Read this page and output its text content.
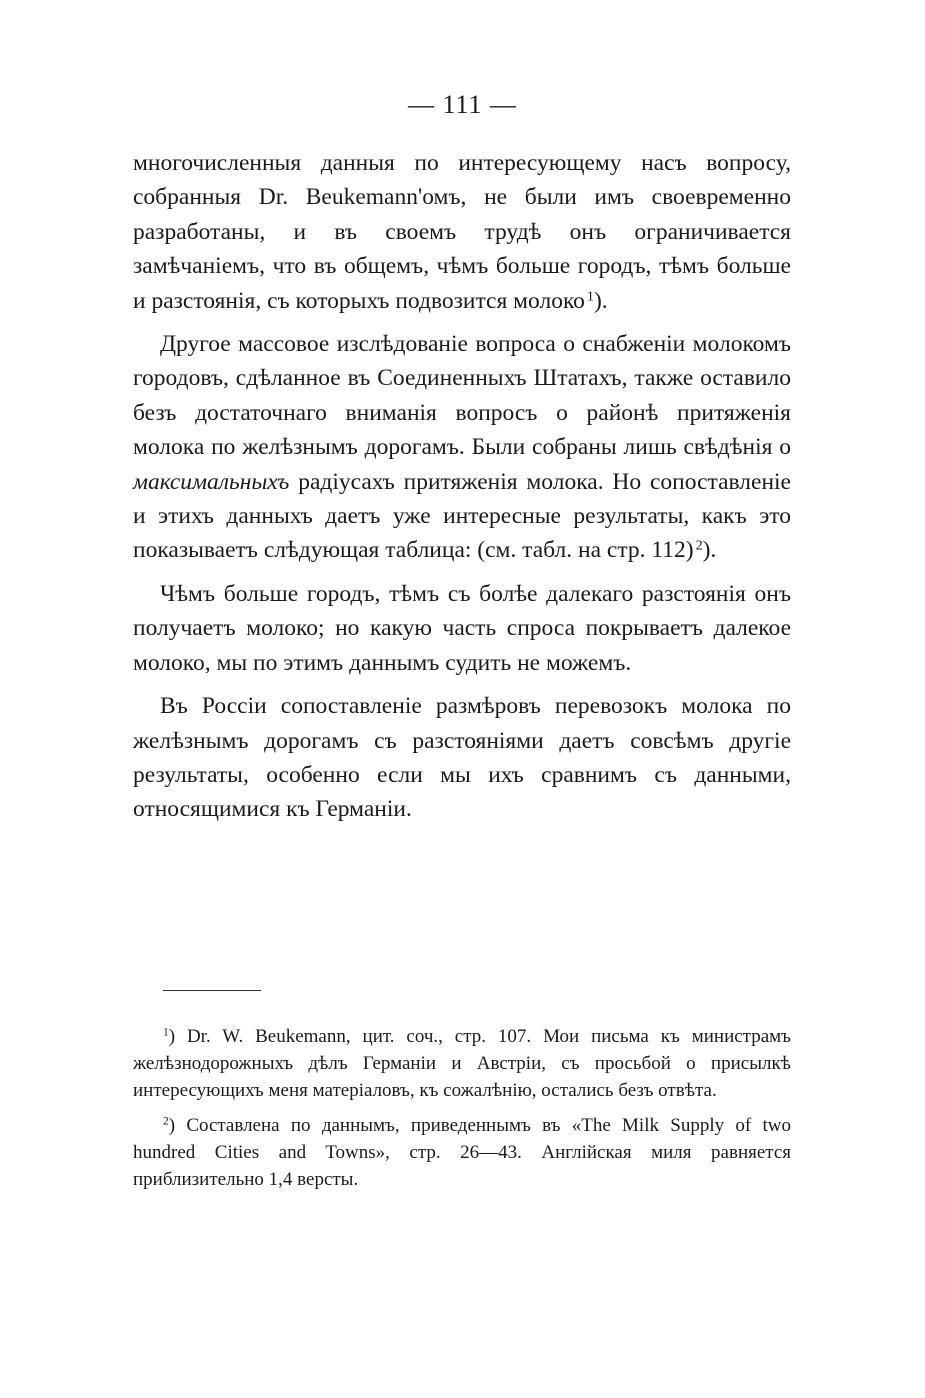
— 111 —

многочисленныя данныя по интересующему насъ вопросу, собранныя Dr. Beukemann'омъ, не были имъ своевременно разработаны, и въ своемъ трудѣ онъ ограничивается замѣчаніемъ, что въ общемъ, чѣмъ больше городъ, тѣмъ больше и разстоянія, съ которыхъ подвозится молоко  $^1$).

Другое массовое изслѣдованіе вопроса о снабженіи молокомъ городовъ, сдѣланное въ Соединенныхъ Штатахъ, также оставило безъ достаточнаго вниманія вопросъ о районѣ притяженія молока по желѣзнымъ дорогамъ. Были собраны лишь свѣдѣнія о максимальныхъ радіусахъ притяженія молока. Но сопоставленіе и этихъ данныхъ даетъ уже интересные результаты, какъ это показываетъ слѣдующая таблица: (см. табл. на стр. 112)  $^2$).

Чѣмъ больше городъ, тѣмъ съ болѣе далекаго разстоянія онъ получаетъ молоко; но какую часть спроса покрываетъ далекое молоко, мы по этимъ даннымъ судить не можемъ.

Въ Россіи сопоставленіе размѣровъ перевозокъ молока по желѣзнымъ дорогамъ съ разстояніями даетъ совсѣмъ другіе результаты, особенно если мы ихъ сравнимъ съ данными, относящимися къ Германіи.

$^1$) Dr. W. Beukemann, цит. соч., стр. 107. Мои письма къ министрамъ желѣзнодорожныхъ дѣлъ Германіи и Австріи, съ просьбой о присылкѣ интересующихъ меня матеріаловъ, къ сожалѣнію, остались безъ отвѣта.

$^2$) Составлена по даннымъ, приведеннымъ въ «The Milk Supply of two hundred Cities and Towns», стр. 26—43. Англійская миля равняется приблизительно 1,4 версты.
